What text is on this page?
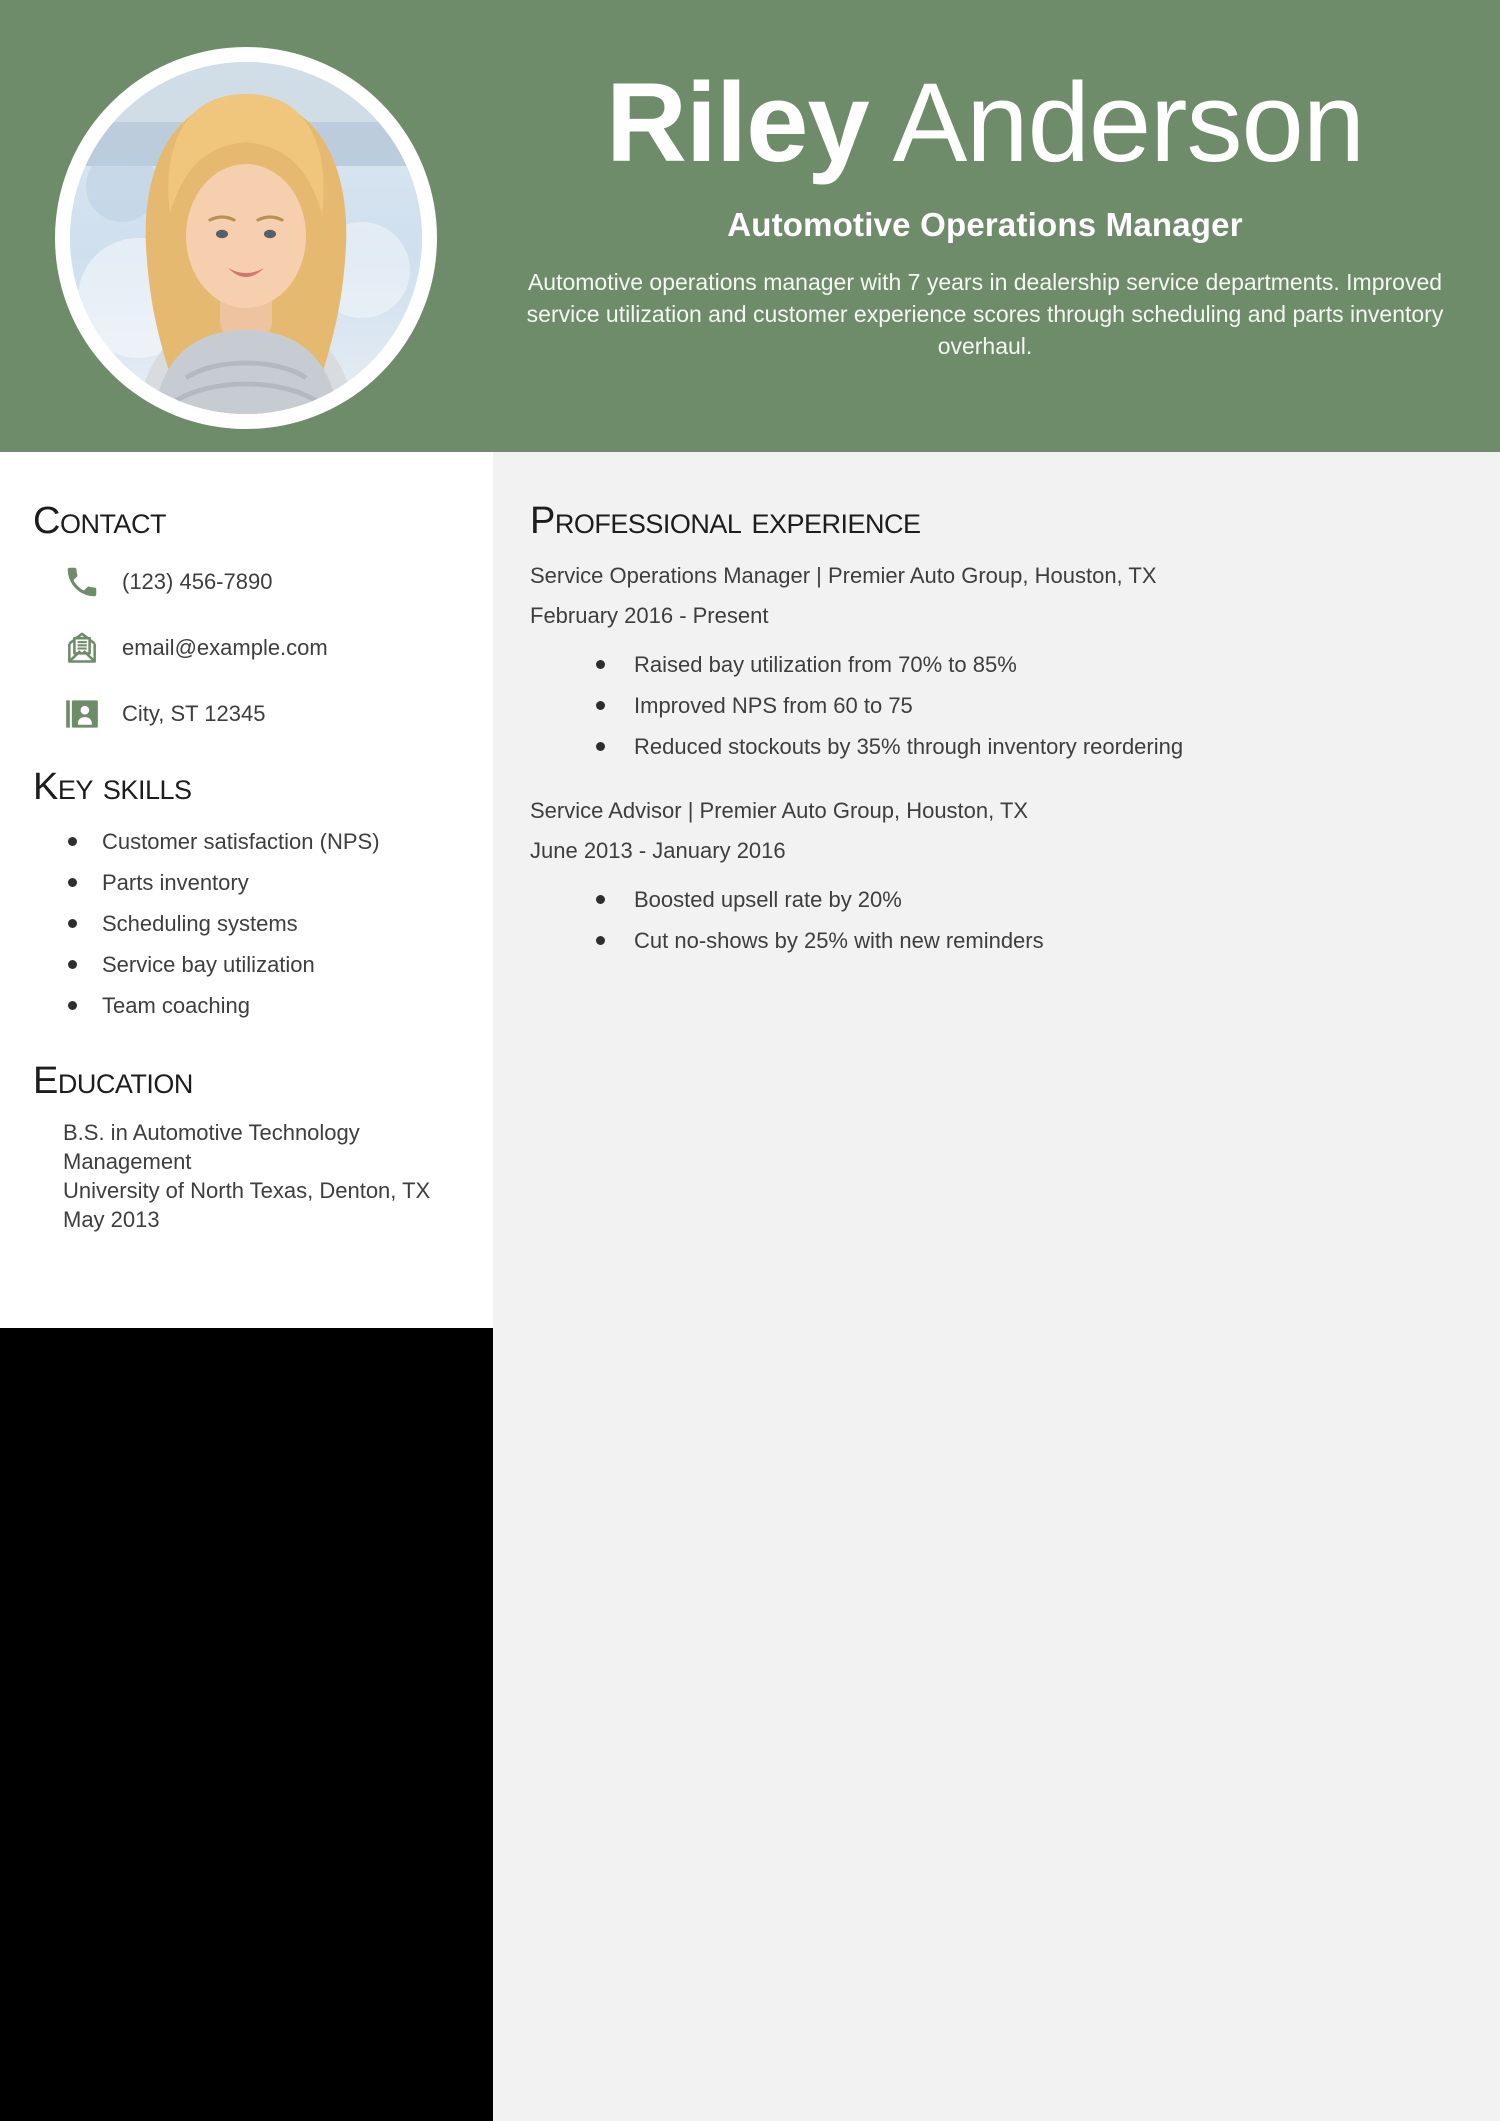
Riley Anderson
Automotive Operations Manager
Automotive operations manager with 7 years in dealership service departments. Improved service utilization and customer experience scores through scheduling and parts inventory overhaul.
Contact
(123) 456-7890
email@example.com
City, ST 12345
Key skills
Customer satisfaction (NPS)
Parts inventory
Scheduling systems
Service bay utilization
Team coaching
Education
B.S. in Automotive Technology Management
University of North Texas, Denton, TX
May 2013
Professional experience
Service Operations Manager | Premier Auto Group, Houston, TX
February 2016 - Present
Raised bay utilization from 70% to 85%
Improved NPS from 60 to 75
Reduced stockouts by 35% through inventory reordering
Service Advisor | Premier Auto Group, Houston, TX
June 2013 - January 2016
Boosted upsell rate by 20%
Cut no-shows by 25% with new reminders
